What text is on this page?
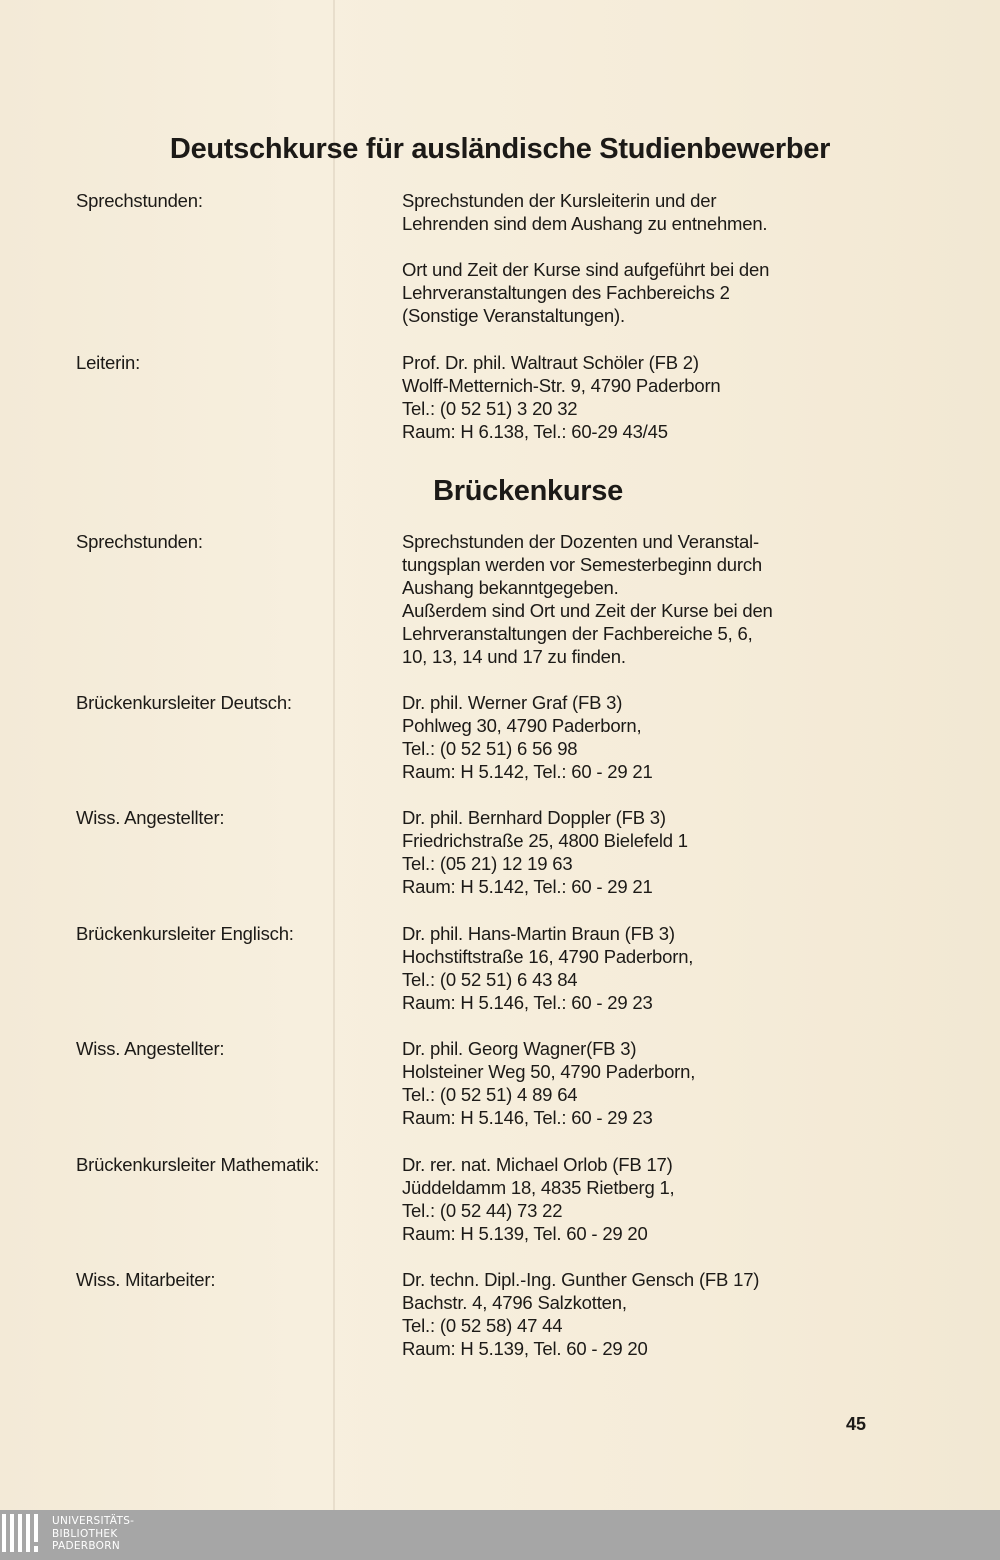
Deutschkurse für ausländische Studienbewerber
Sprechstunden:	Sprechstunden der Kursleiterin und der
Lehrenden sind dem Aushang zu entnehmen.
Ort und Zeit der Kurse sind aufgeführt bei den
Lehrveranstaltungen des Fachbereichs 2
(Sonstige Veranstaltungen).
Leiterin:	Prof. Dr. phil. Waltraut Schöler (FB 2)
Wolff-Metternich-Str. 9, 4790 Paderborn
Tel.: (0 52 51) 3 20 32
Raum: H 6.138, Tel.: 60-29 43/45
Brückenkurse
Sprechstunden:	Sprechstunden der Dozenten und Veranstal-
tungsplan werden vor Semesterbeginn durch
Aushang bekanntgegeben.
Außerdem sind Ort und Zeit der Kurse bei den
Lehrveranstaltungen der Fachbereiche 5, 6,
10, 13, 14 und 17 zu finden.
Brückenkursleiter Deutsch:	Dr. phil. Werner Graf (FB 3)
Pohlweg 30, 4790 Paderborn,
Tel.: (0 52 51) 6 56 98
Raum: H 5.142, Tel.: 60 - 29 21
Wiss. Angestellter:	Dr. phil. Bernhard Doppler (FB 3)
Friedrichstraße 25, 4800 Bielefeld 1
Tel.: (05 21) 12 19 63
Raum: H 5.142, Tel.: 60 - 29 21
Brückenkursleiter Englisch:	Dr. phil. Hans-Martin Braun (FB 3)
Hochstiftstraße 16, 4790 Paderborn,
Tel.: (0 52 51) 6 43 84
Raum: H 5.146, Tel.: 60 - 29 23
Wiss. Angestellter:	Dr. phil. Georg Wagner(FB 3)
Holsteiner Weg 50, 4790 Paderborn,
Tel.: (0 52 51) 4 89 64
Raum: H 5.146, Tel.: 60 - 29 23
Brückenkursleiter Mathematik:	Dr. rer. nat. Michael Orlob (FB 17)
Jüddeldamm 18, 4835 Rietberg 1,
Tel.: (0 52 44) 73 22
Raum: H 5.139, Tel. 60 - 29 20
Wiss. Mitarbeiter:	Dr. techn. Dipl.-Ing. Gunther Gensch (FB 17)
Bachstr. 4, 4796 Salzkotten,
Tel.: (0 52 58) 47 44
Raum: H 5.139, Tel. 60 - 29 20
45
UNIVERSITÄTS-
BIBLIOTHEK
PADERBORN
